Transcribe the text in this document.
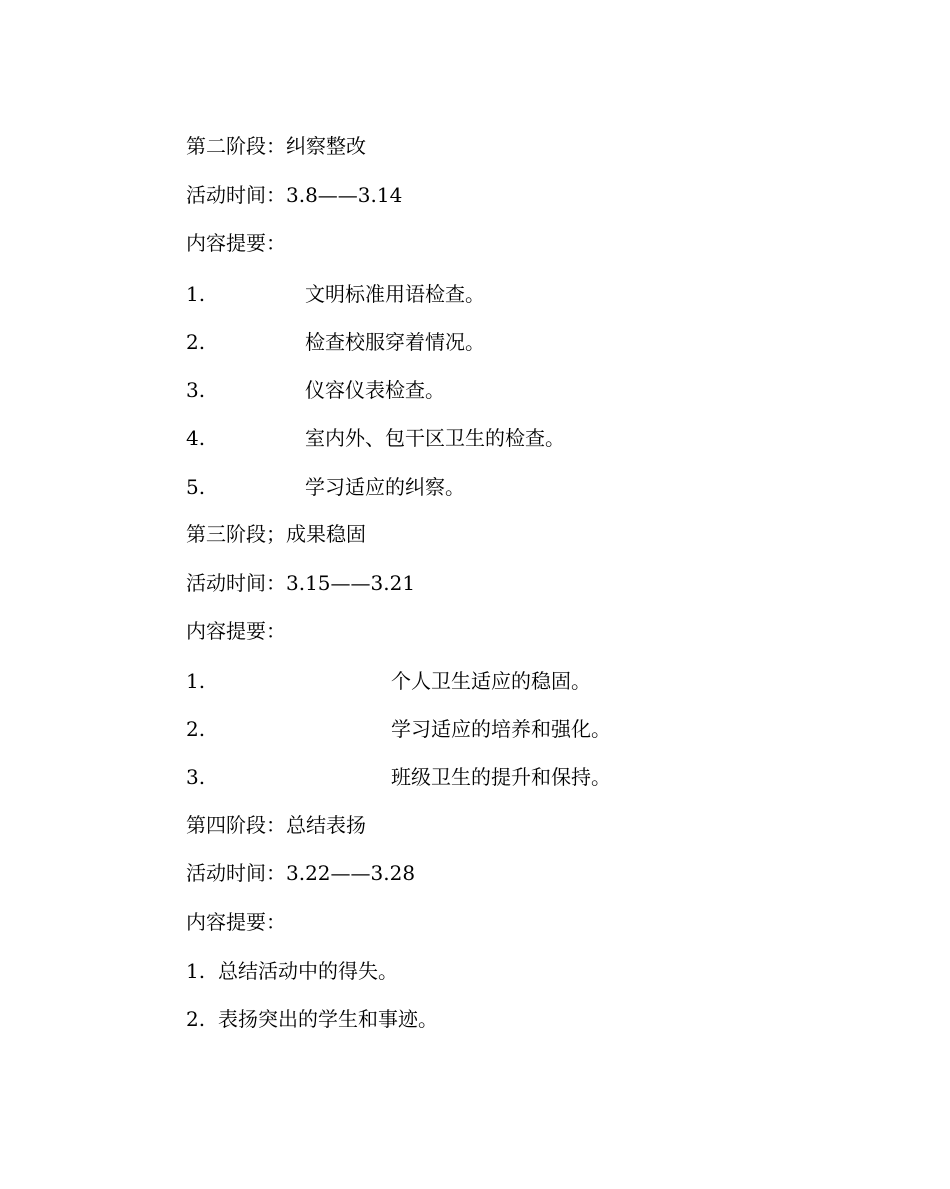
第二阶段：纠察整改
活动时间：3.8——3.14
内容提要：
1.	文明标准用语检查。
2.	检查校服穿着情况。
3.	仪容仪表检查。
4.	室内外、包干区卫生的检查。
5.	学习适应的纠察。
第三阶段；成果稳固
活动时间：3.15——3.21
内容提要：
1.	个人卫生适应的稳固。
2.	学习适应的培养和强化。
3.	班级卫生的提升和保持。
第四阶段：总结表扬
活动时间：3.22——3.28
内容提要：
1. 总结活动中的得失。
2. 表扬突出的学生和事迹。
